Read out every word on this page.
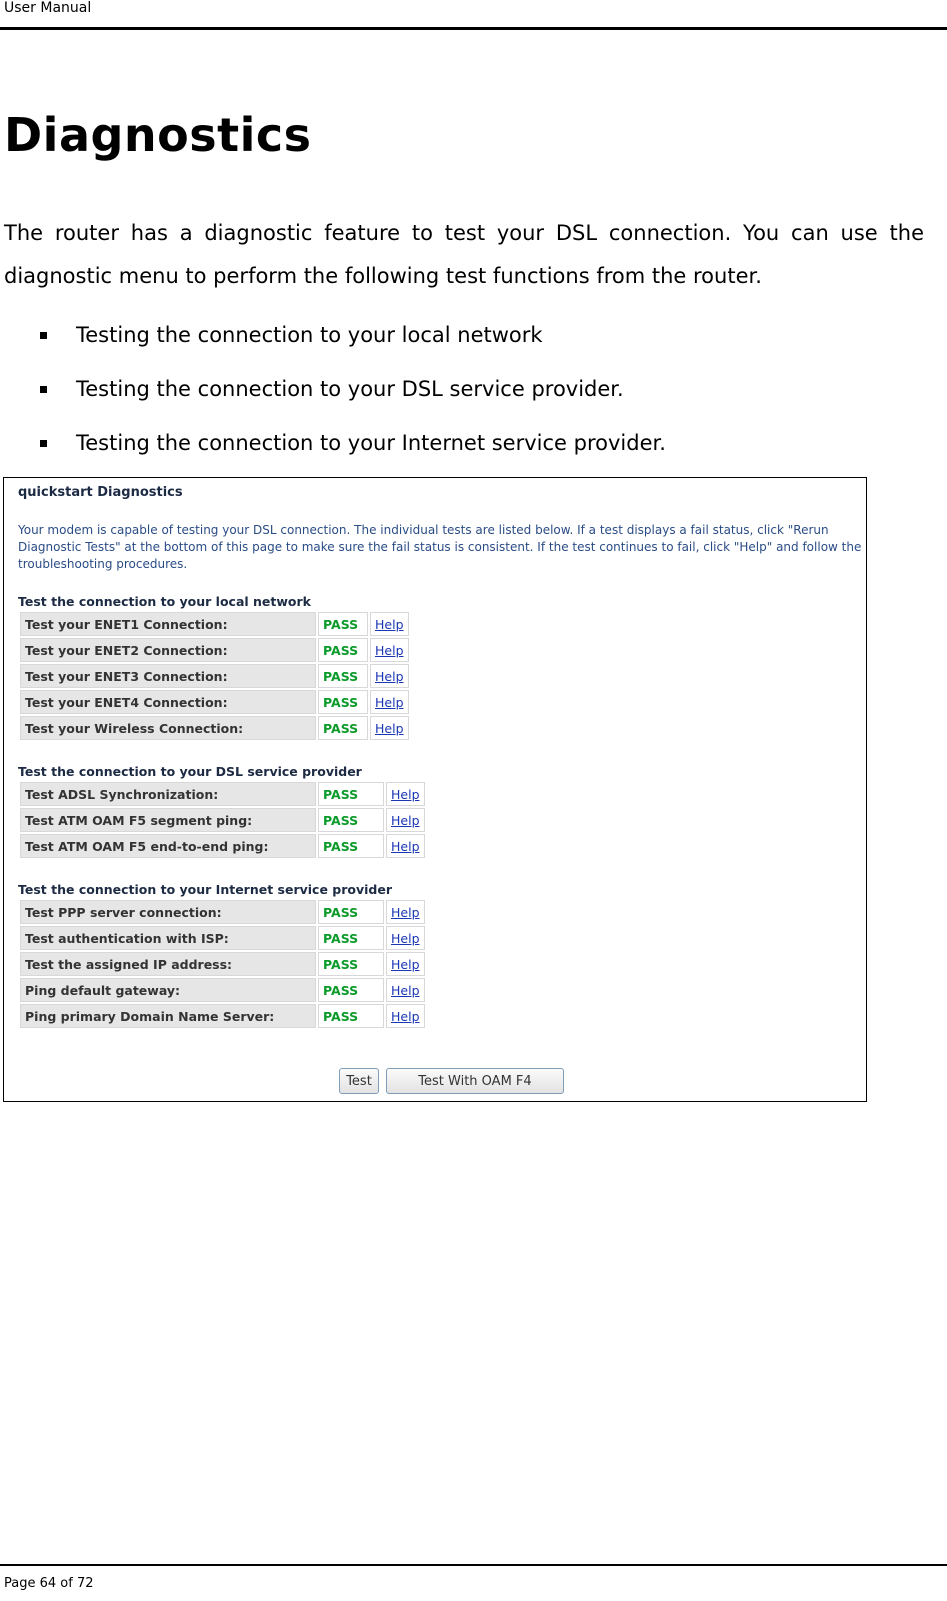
User Manual
Diagnostics

The router has a diagnostic feature to test your DSL connection. You can use the diagnostic menu to perform the following test functions from the router.

Testing the connection to your local network
Testing the connection to your DSL service provider.
Testing the connection to your Internet service provider.
quickstart Diagnostics
Your modem is capable of testing your DSL connection. The individual tests are listed below. If a test displays a fail status, click "Rerun Diagnostic Tests" at the bottom of this page to make sure the fail status is consistent. If the test continues to fail, click "Help" and follow the troubleshooting procedures.
Test the connection to your local network
Test your ENET1 Connection:	PASS	Help
Test your ENET2 Connection:	PASS	Help
Test your ENET3 Connection:	PASS	Help
Test your ENET4 Connection:	PASS	Help
Test your Wireless Connection:	PASS	Help
Test the connection to your DSL service provider
Test ADSL Synchronization:	PASS	Help
Test ATM OAM F5 segment ping:	PASS	Help
Test ATM OAM F5 end-to-end ping:	PASS	Help
Test the connection to your Internet service provider
Test PPP server connection:	PASS	Help
Test authentication with ISP:	PASS	Help
Test the assigned IP address:	PASS	Help
Ping default gateway:	PASS	Help
Ping primary Domain Name Server:	PASS	Help
Test	Test With OAM F4
Page 64 of 72
